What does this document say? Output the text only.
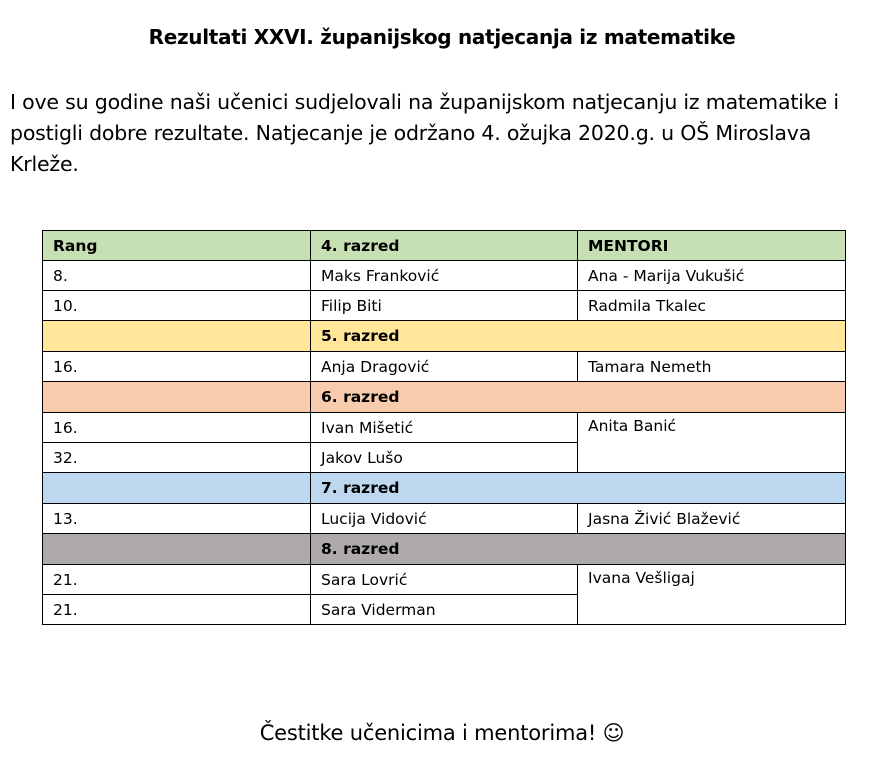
Rezultati XXVI. županijskog natjecanja iz matematike

I ove su godine naši učenici sudjelovali na županijskom natjecanju iz matematike i postigli dobre rezultate. Natjecanje je održano 4. ožujka 2020.g. u OŠ Miroslava Krleže.

Rang	4. razred	MENTORI
8.	Maks Franković	Ana - Marija Vukušić
10.	Filip Biti	Radmila Tkalec
	5. razred	
16.	Anja Dragović	Tamara Nemeth
	6. razred	
16.	Ivan Mišetić	Anita Banić
32.	Jakov Lušo	
	7. razred	
13.	Lucija Vidović	Jasna Živić Blažević
	8. razred	
21.	Sara Lovrić	Ivana Vešligaj
21.	Sara Viderman	
Čestitke učenicima i mentorima! ☺
